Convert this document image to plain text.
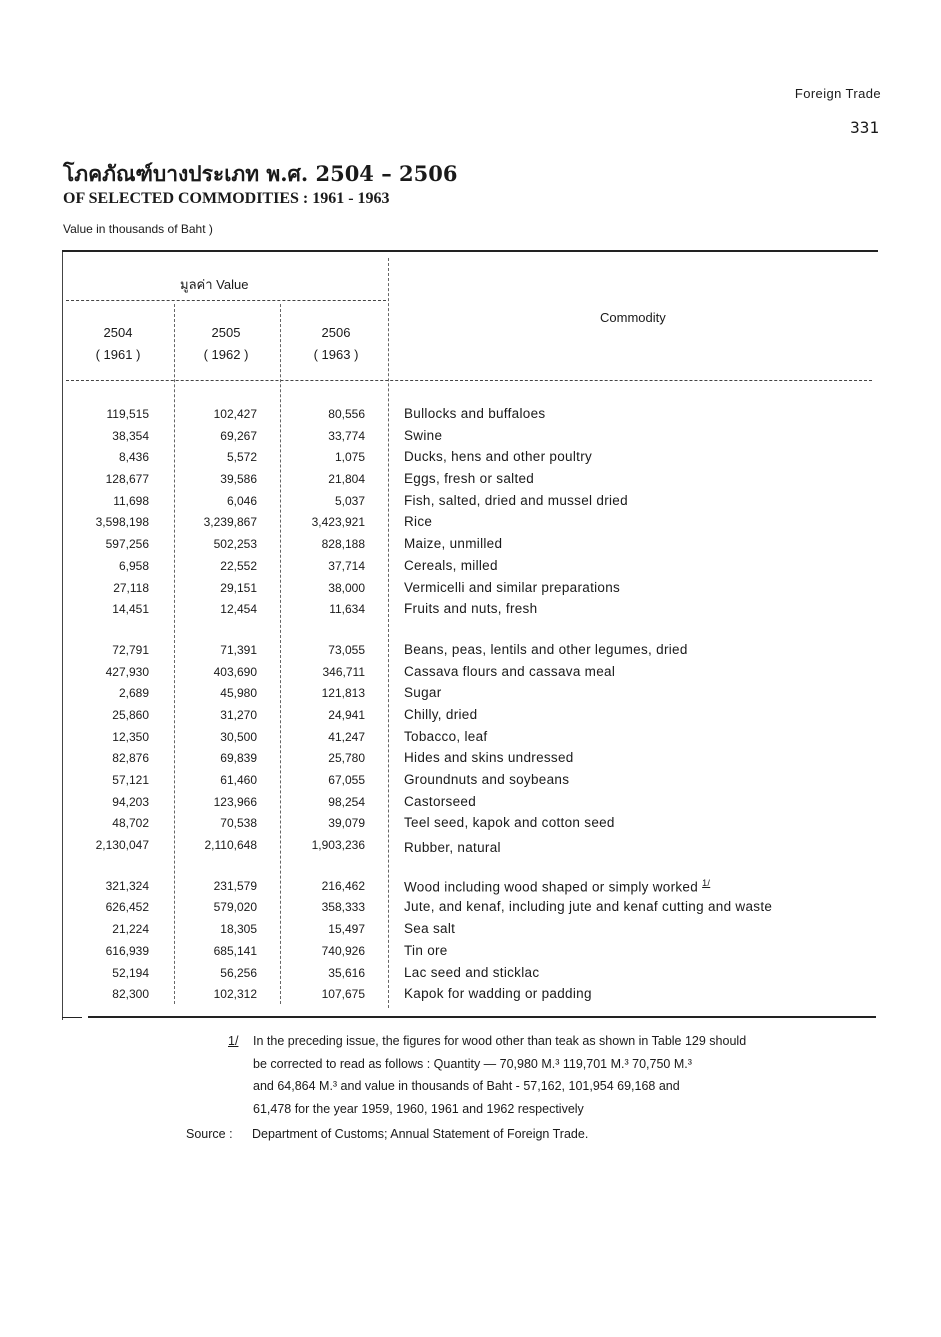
Foreign Trade
331
โภคภัณฑ์บางประเภท พ.ศ. 2504 – 2506
OF SELECTED COMMODITIES : 1961 - 1963
Value in thousands of Baht )
มูลค่า Value
Commodity
2504
( 1961 )
2505
( 1962 )
2506
( 1963 )
119,515	102,427	80,556	Bullocks and buffaloes
38,354	69,267	33,774	Swine
8,436	5,572	1,075	Ducks, hens and other poultry
128,677	39,586	21,804	Eggs, fresh or salted
11,698	6,046	5,037	Fish, salted, dried and mussel dried
3,598,198	3,239,867	3,423,921	Rice
597,256	502,253	828,188	Maize, unmilled
6,958	22,552	37,714	Cereals, milled
27,118	29,151	38,000	Vermicelli and similar preparations
14,451	12,454	11,634	Fruits and nuts, fresh
72,791	71,391	73,055	Beans, peas, lentils and other legumes, dried
427,930	403,690	346,711	Cassava flours and cassava meal
2,689	45,980	121,813	Sugar
25,860	31,270	24,941	Chilly, dried
12,350	30,500	41,247	Tobacco, leaf
82,876	69,839	25,780	Hides and skins undressed
57,121	61,460	67,055	Groundnuts and soybeans
94,203	123,966	98,254	Castorseed
48,702	70,538	39,079	Teel seed, kapok and cotton seed
2,130,047	2,110,648	1,903,236	Rubber, natural
321,324	231,579	216,462	Wood including wood shaped or simply worked $^{1/}$
626,452	579,020	358,333	Jute, and kenaf, including jute and kenaf cutting and waste
21,224	18,305	15,497	Sea salt
616,939	685,141	740,926	Tin ore
52,194	56,256	35,616	Lac seed and sticklac
82,300	102,312	107,675	Kapok for wadding or padding
1/ In the preceding issue, the figures for wood other than teak as shown in Table 129 should
be corrected to read as follows : Quantity — 70,980 M.³ 119,701 M.³ 70,750 M.³
and 64,864 M.³ and value in thousands of Baht - 57,162, 101,954 69,168 and
61,478 for the year 1959, 1960, 1961 and 1962 respectively
Source : Department of Customs; Annual Statement of Foreign Trade.
